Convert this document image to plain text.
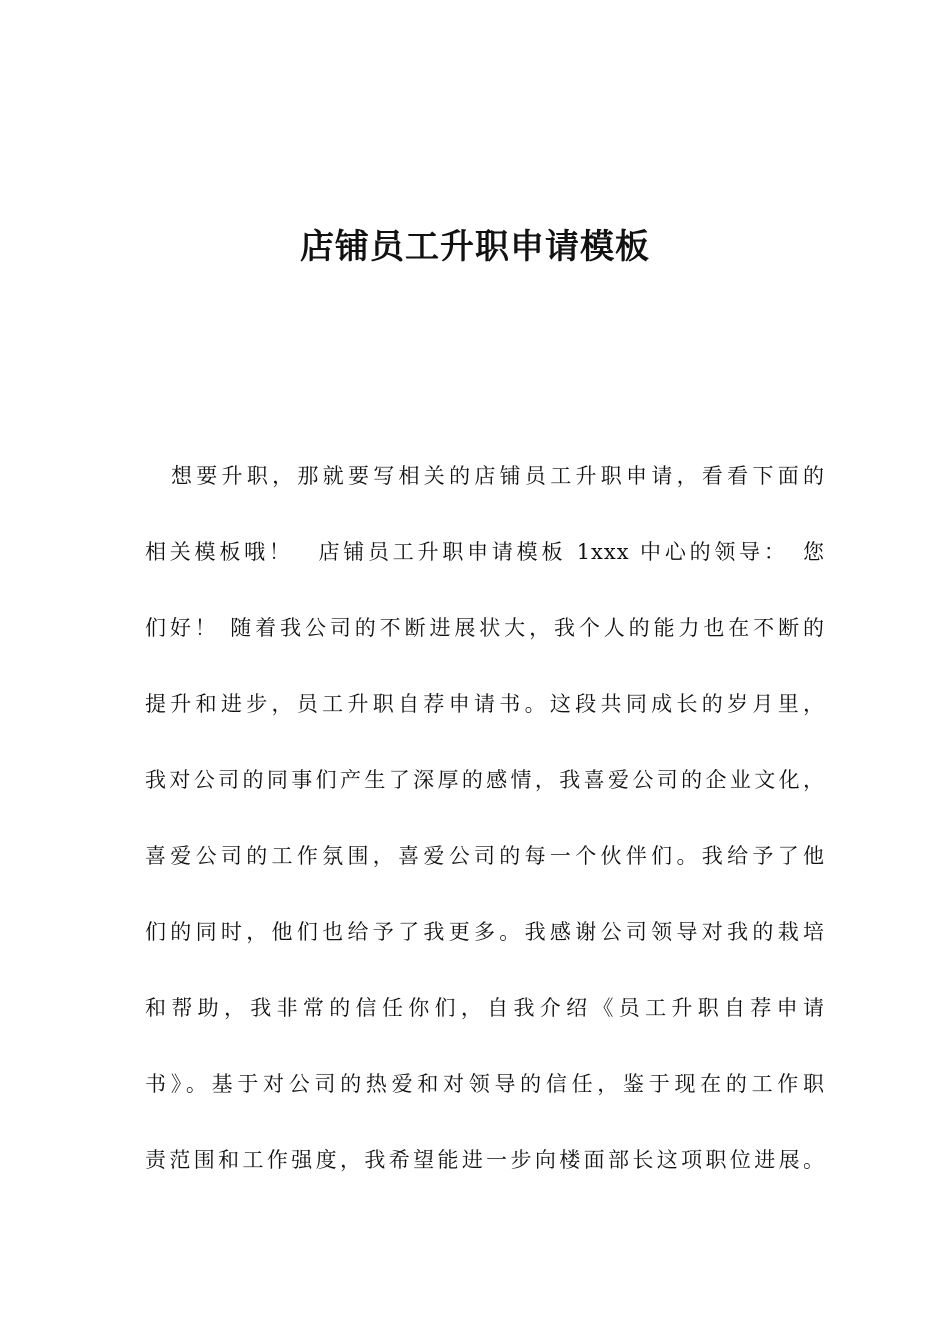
店铺员工升职申请模板
想要升职，那就要写相关的店铺员工升职申请，看看下面的
相关模板哦！　店铺员工升职申请模板 1xxx 中心的领导：　您
们好！ 随着我公司的不断进展状大，我个人的能力也在不断的
提升和进步，员工升职自荐申请书。这段共同成长的岁月里，
我对公司的同事们产生了深厚的感情，我喜爱公司的企业文化，
喜爱公司的工作氛围，喜爱公司的每一个伙伴们。我给予了他
们的同时，他们也给予了我更多。我感谢公司领导对我的栽培
和帮助，我非常的信任你们，自我介绍《员工升职自荐申请
书》。基于对公司的热爱和对领导的信任，鉴于现在的工作职
责范围和工作强度，我希望能进一步向楼面部长这项职位进展。
